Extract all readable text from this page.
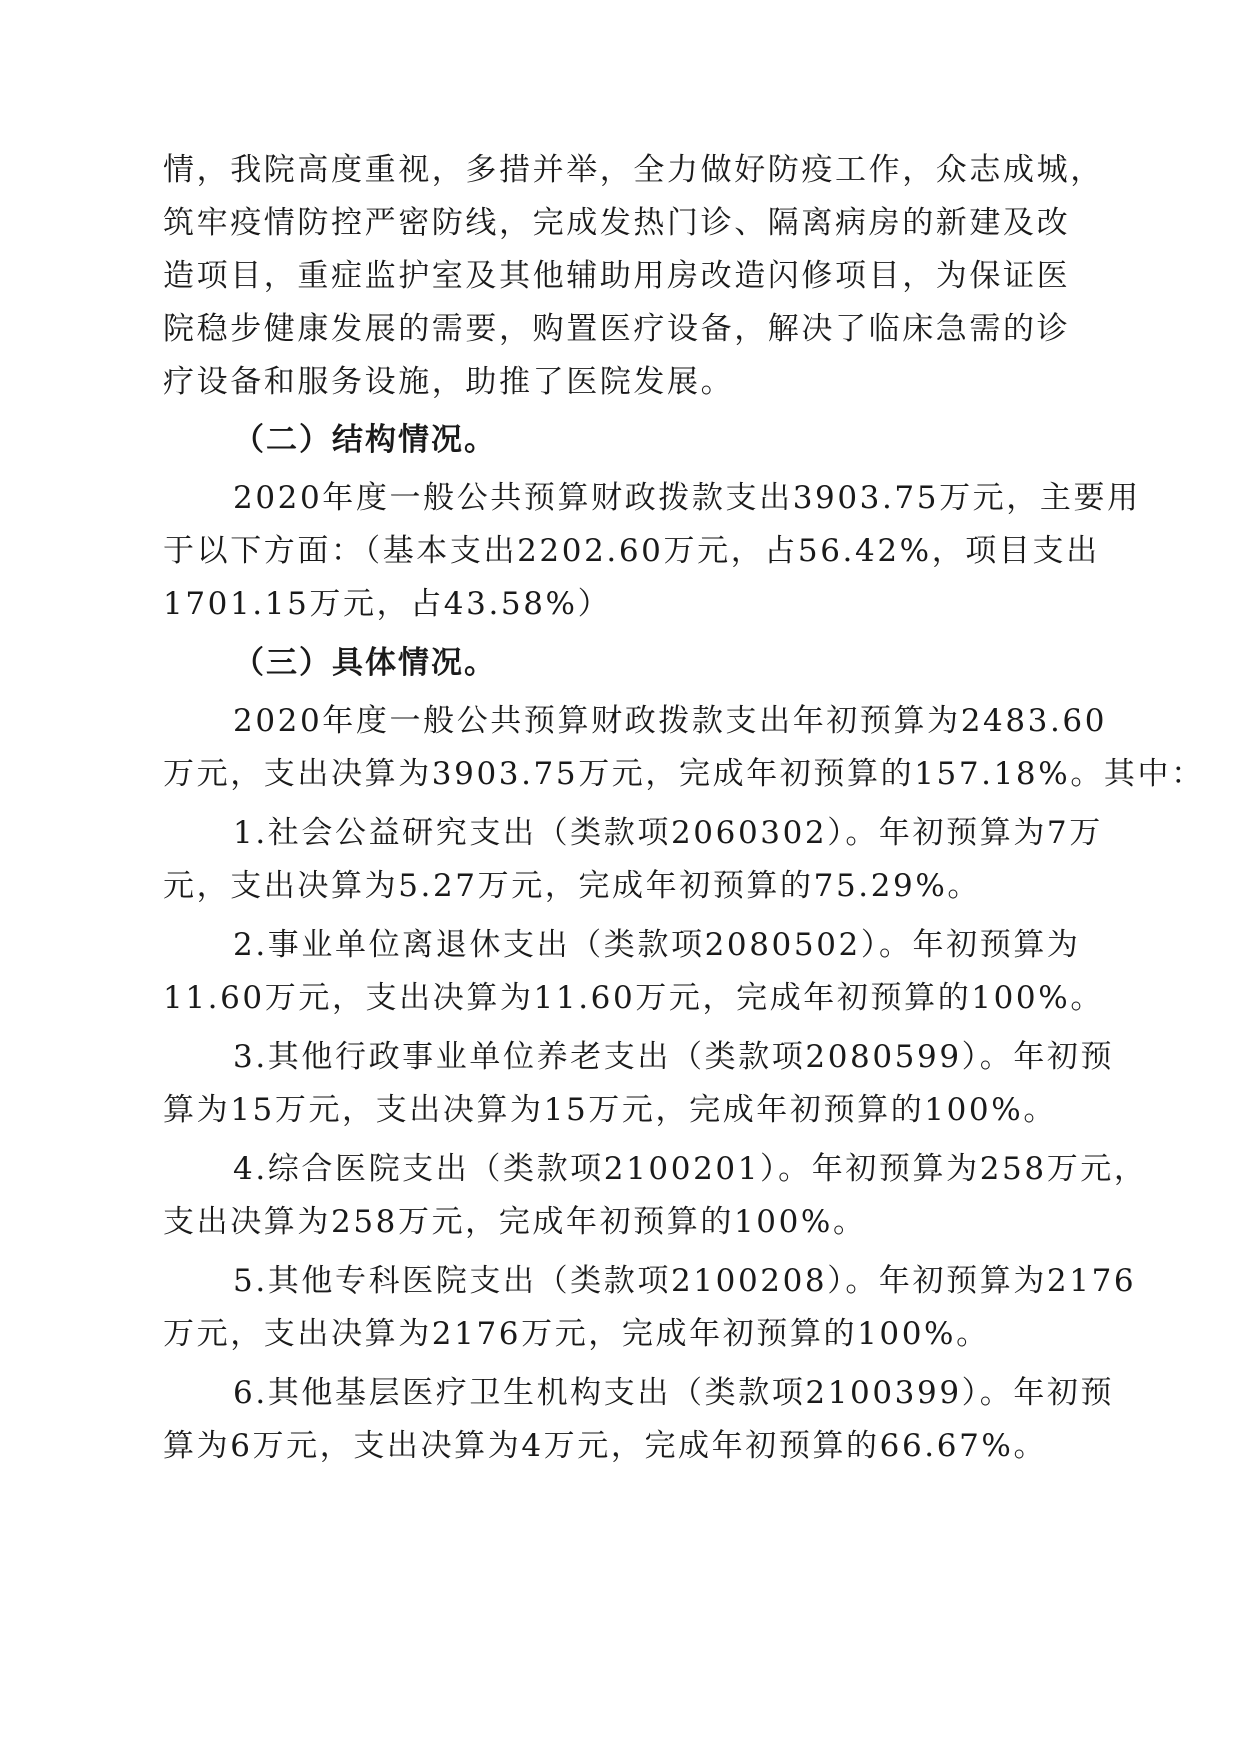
情，我院高度重视，多措并举，全力做好防疫工作，众志成城，
筑牢疫情防控严密防线，完成发热门诊、隔离病房的新建及改
造项目，重症监护室及其他辅助用房改造闪修项目，为保证医
院稳步健康发展的需要，购置医疗设备，解决了临床急需的诊
疗设备和服务设施，助推了医院发展。
（二）结构情况。
2020年度一般公共预算财政拨款支出3903.75万元，主要用
于以下方面：（基本支出2202.60万元，占56.42%，项目支出
1701.15万元，占43.58%）
（三）具体情况。
2020年度一般公共预算财政拨款支出年初预算为2483.60
万元，支出决算为3903.75万元，完成年初预算的157.18%。其中：
1.社会公益研究支出（类款项2060302）。年初预算为7万
元，支出决算为5.27万元，完成年初预算的75.29%。
2.事业单位离退休支出（类款项2080502）。年初预算为
11.60万元，支出决算为11.60万元，完成年初预算的100%。
3.其他行政事业单位养老支出（类款项2080599）。年初预
算为15万元，支出决算为15万元，完成年初预算的100%。
4.综合医院支出（类款项2100201）。年初预算为258万元，
支出决算为258万元，完成年初预算的100%。
5.其他专科医院支出（类款项2100208）。年初预算为2176
万元，支出决算为2176万元，完成年初预算的100%。
6.其他基层医疗卫生机构支出（类款项2100399）。年初预
算为6万元，支出决算为4万元，完成年初预算的66.67%。
